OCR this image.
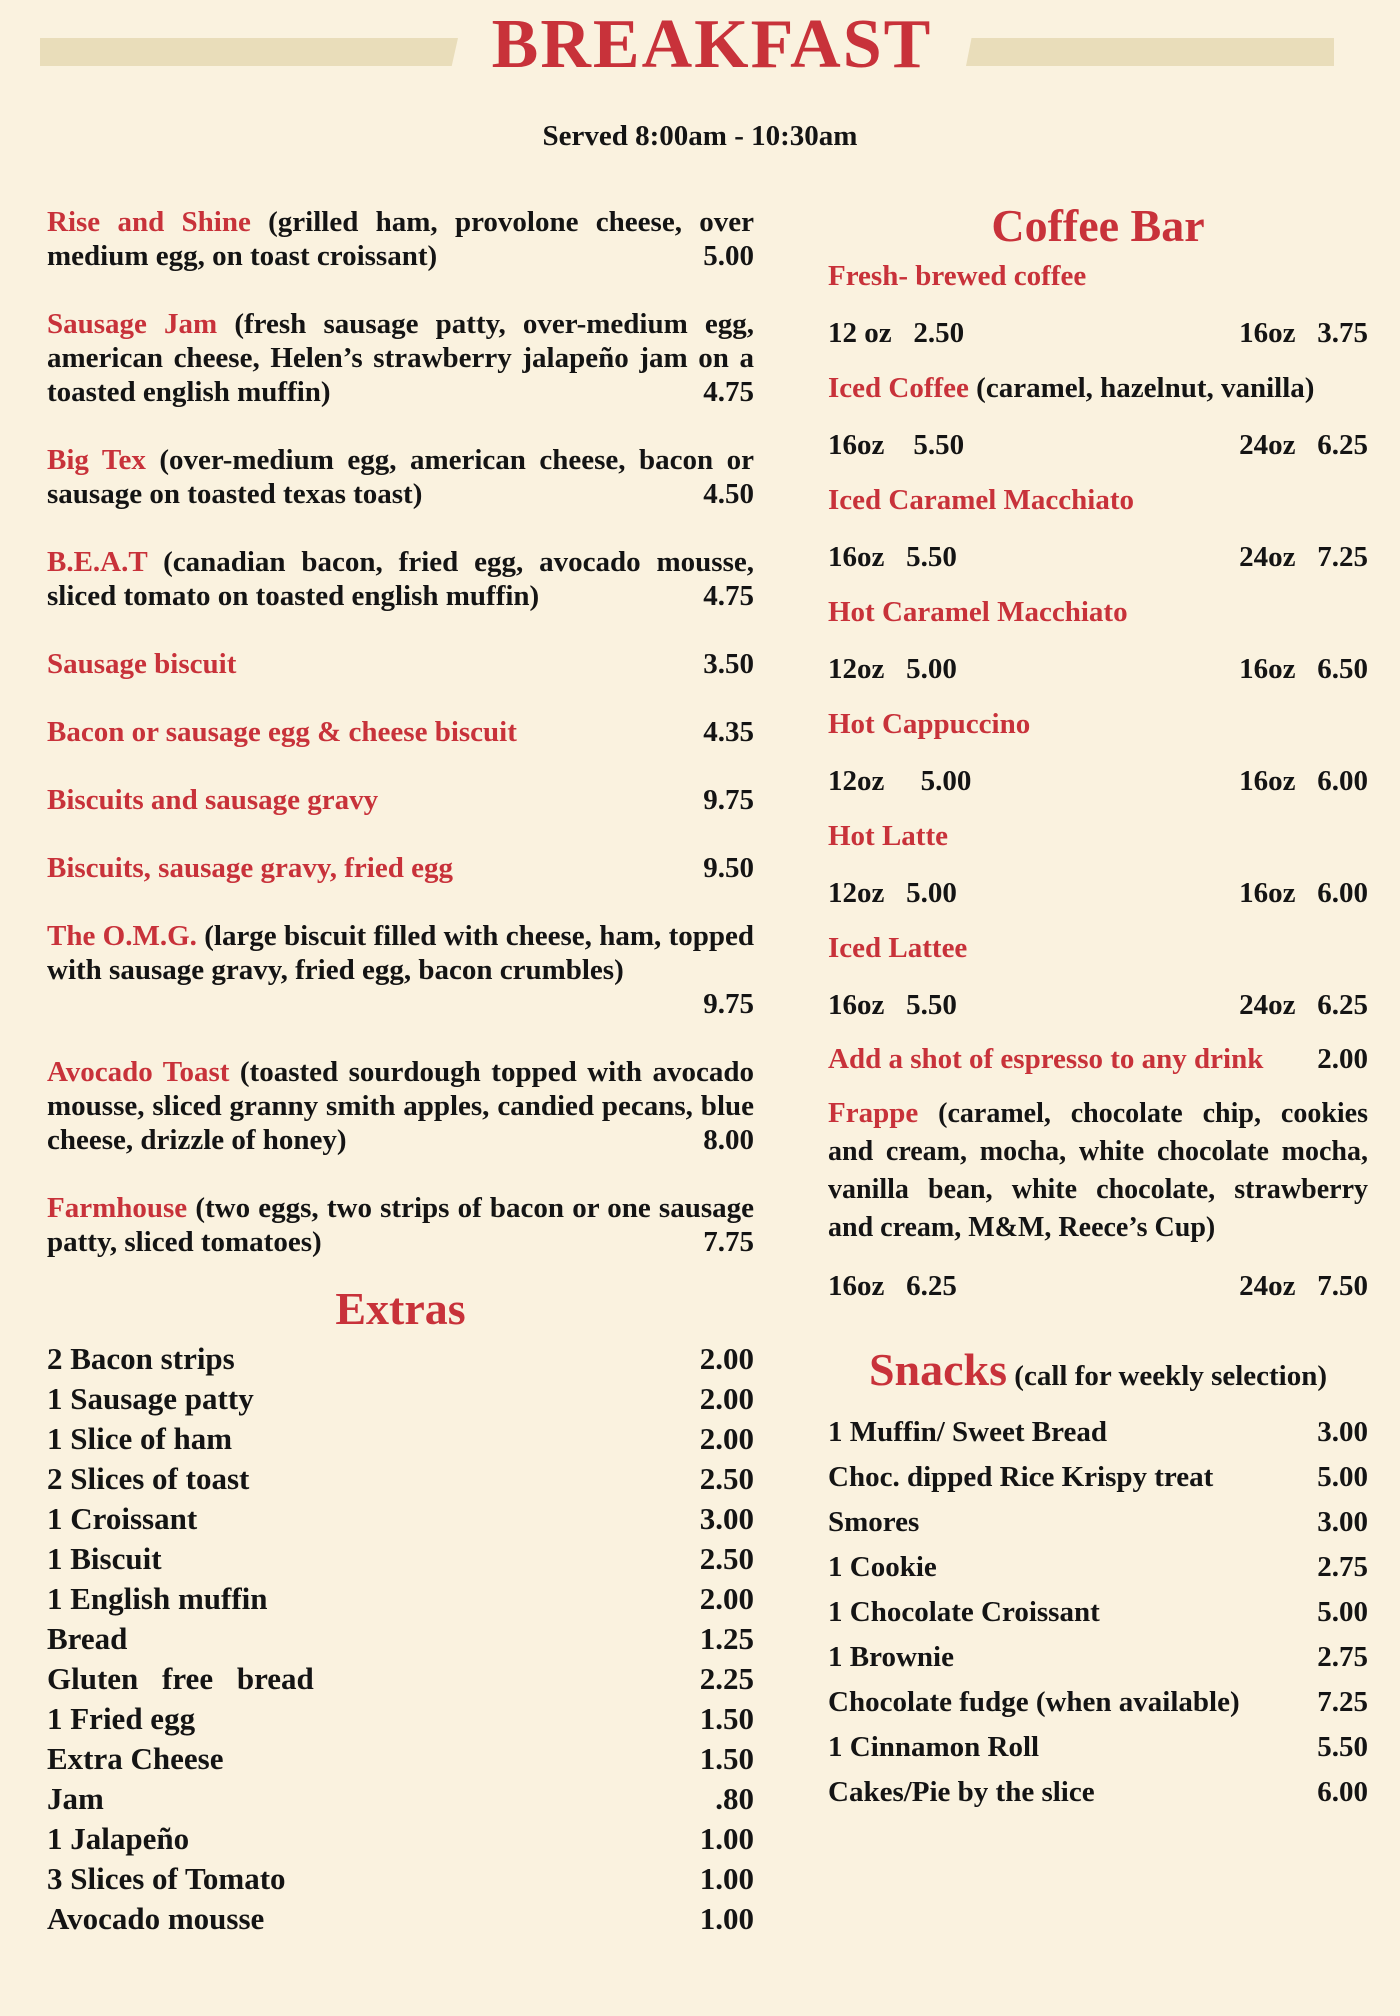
BREAKFAST
Served 8:00am - 10:30am
Rise and Shine (grilled ham, provolone cheese, over medium egg, on toast croissant)	5.00
Sausage Jam (fresh sausage patty, over-medium egg, american cheese, Helen’s strawberry jalapeño jam on a toasted english muffin)	4.75
Big Tex (over-medium egg, american cheese, bacon or sausage on toasted texas toast)	4.50
B.E.A.T (canadian bacon, fried egg, avocado mousse, sliced tomato on toasted english muffin)	4.75
Sausage biscuit	3.50
Bacon or sausage egg & cheese biscuit	4.35
Biscuits and sausage gravy	9.75
Biscuits, sausage gravy, fried egg	9.50
The O.M.G. (large biscuit filled with cheese, ham, topped with sausage gravy, fried egg, bacon crumbles)
9.75
Avocado Toast (toasted sourdough topped with avocado mousse, sliced granny smith apples, candied pecans, blue cheese, drizzle of honey)	8.00
Farmhouse (two eggs, two strips of bacon or one sausage patty, sliced tomatoes)	7.75
Extras
2 Bacon strips	2.00
1 Sausage patty	2.00
1 Slice of ham	2.00
2 Slices of toast	2.50
1 Croissant	3.00
1 Biscuit	2.50
1 English muffin	2.00
Bread	1.25
Gluten free bread	2.25
1 Fried egg	1.50
Extra Cheese	1.50
Jam	.80
1 Jalapeño	1.00
3 Slices of Tomato	1.00
Avocado mousse	1.00
Coffee Bar
Fresh- brewed coffee
12 oz 2.50	16oz 3.75
Iced Coffee (caramel, hazelnut, vanilla)
16oz 5.50	24oz 6.25
Iced Caramel Macchiato
16oz 5.50	24oz 7.25
Hot Caramel Macchiato
12oz 5.00	16oz 6.50
Hot Cappuccino
12oz 5.00	16oz 6.00
Hot Latte
12oz 5.00	16oz 6.00
Iced Lattee
16oz 5.50	24oz 6.25
Add a shot of espresso to any drink 2.00
Frappe (caramel, chocolate chip, cookies and cream, mocha, white chocolate mocha, vanilla bean, white chocolate, strawberry and cream, M&M, Reece’s Cup)
16oz 6.25	24oz 7.50
Snacks (call for weekly selection)
1 Muffin/ Sweet Bread	3.00
Choc. dipped Rice Krispy treat	5.00
Smores	3.00
1 Cookie	2.75
1 Chocolate Croissant	5.00
1 Brownie	2.75
Chocolate fudge (when available)	7.25
1 Cinnamon Roll	5.50
Cakes/Pie by the slice	6.00
